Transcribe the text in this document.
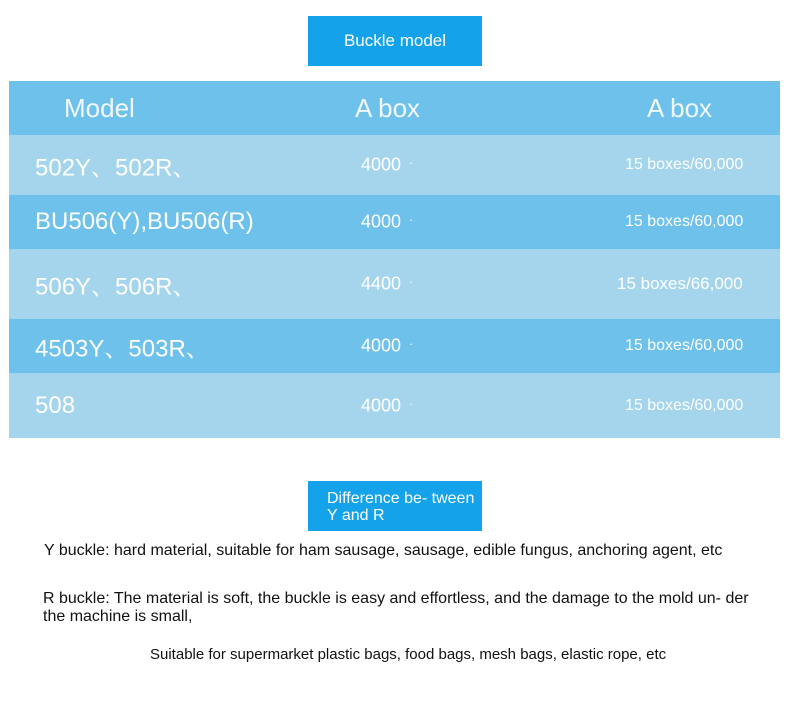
Buckle model
Model	A box	A box
502Y、502R、	4000 ·	15 boxes/60,000
BU506(Y),BU506(R)	4000 ·	15 boxes/60,000
506Y、506R、	4400 ·	15 boxes/66,000
4503Y、503R、	4000 ·	15 boxes/60,000
508	4000 ·	15 boxes/60,000
Difference be- tween Y and R
Y buckle: hard material, suitable for ham sausage, sausage, edible fungus, anchoring agent, etc
R buckle: The material is soft, the buckle is easy and effortless, and the damage to the mold un- der the machine is small,
Suitable for supermarket plastic bags, food bags, mesh bags, elastic rope, etc
